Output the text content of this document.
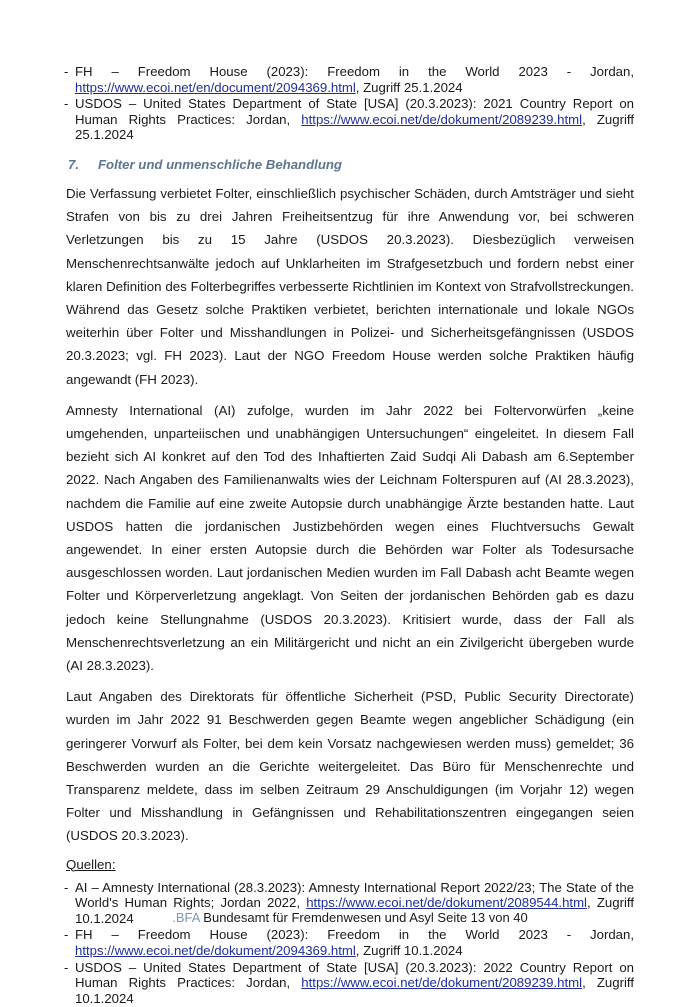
- FH – Freedom House (2023): Freedom in the World 2023 - Jordan, https://www.ecoi.net/en/document/2094369.html, Zugriff 25.1.2024
- USDOS – United States Department of State [USA] (20.3.2023): 2021 Country Report on Human Rights Practices: Jordan, https://www.ecoi.net/de/dokument/2089239.html, Zugriff 25.1.2024
7.	Folter und unmenschliche Behandlung

Die Verfassung verbietet Folter, einschließlich psychischer Schäden, durch Amtsträger und sieht Strafen von bis zu drei Jahren Freiheitsentzug für ihre Anwendung vor, bei schweren Verletzungen bis zu 15 Jahre (USDOS 20.3.2023). Diesbezüglich verweisen Menschenrechtsanwälte jedoch auf Unklarheiten im Strafgesetzbuch und fordern nebst einer klaren Definition des Folterbegriffes verbesserte Richtlinien im Kontext von Strafvollstreckungen. Während das Gesetz solche Praktiken verbietet, berichten internationale und lokale NGOs weiterhin über Folter und Misshandlungen in Polizei- und Sicherheitsgefängnissen (USDOS 20.3.2023; vgl. FH 2023). Laut der NGO Freedom House werden solche Praktiken häufig angewandt (FH 2023).

Amnesty International (AI) zufolge, wurden im Jahr 2022 bei Foltervorwürfen „keine umgehenden, unparteiischen und unabhängigen Untersuchungen“ eingeleitet. In diesem Fall bezieht sich AI konkret auf den Tod des Inhaftierten Zaid Sudqi Ali Dabash am 6.September 2022. Nach Angaben des Familienanwalts wies der Leichnam Folterspuren auf (AI 28.3.2023), nachdem die Familie auf eine zweite Autopsie durch unabhängige Ärzte bestanden hatte. Laut USDOS hatten die jordanischen Justizbehörden wegen eines Fluchtversuchs Gewalt angewendet. In einer ersten Autopsie durch die Behörden war Folter als Todesursache ausgeschlossen worden. Laut jordanischen Medien wurden im Fall Dabash acht Beamte wegen Folter und Körperverletzung angeklagt. Von Seiten der jordanischen Behörden gab es dazu jedoch keine Stellungnahme (USDOS 20.3.2023). Kritisiert wurde, dass der Fall als Menschenrechtsverletzung an ein Militärgericht und nicht an ein Zivilgericht übergeben wurde (AI 28.3.2023).

Laut Angaben des Direktorats für öffentliche Sicherheit (PSD, Public Security Directorate) wurden im Jahr 2022 91 Beschwerden gegen Beamte wegen angeblicher Schädigung (ein geringerer Vorwurf als Folter, bei dem kein Vorsatz nachgewiesen werden muss) gemeldet; 36 Beschwerden wurden an die Gerichte weitergeleitet. Das Büro für Menschenrechte und Transparenz meldete, dass im selben Zeitraum 29 Anschuldigungen (im Vorjahr 12) wegen Folter und Misshandlung in Gefängnissen und Rehabilitationszentren eingegangen seien (USDOS 20.3.2023).

Quellen:
- AI – Amnesty International (28.3.2023): Amnesty International Report 2022/23; The State of the World's Human Rights; Jordan 2022, https://www.ecoi.net/de/dokument/2089544.html, Zugriff 10.1.2024
- FH – Freedom House (2023): Freedom in the World 2023 - Jordan, https://www.ecoi.net/de/dokument/2094369.html, Zugriff 10.1.2024
- USDOS – United States Department of State [USA] (20.3.2023): 2022 Country Report on Human Rights Practices: Jordan, https://www.ecoi.net/de/dokument/2089239.html, Zugriff 10.1.2024
.BFA Bundesamt für Fremdenwesen und Asyl Seite 13 von 40
